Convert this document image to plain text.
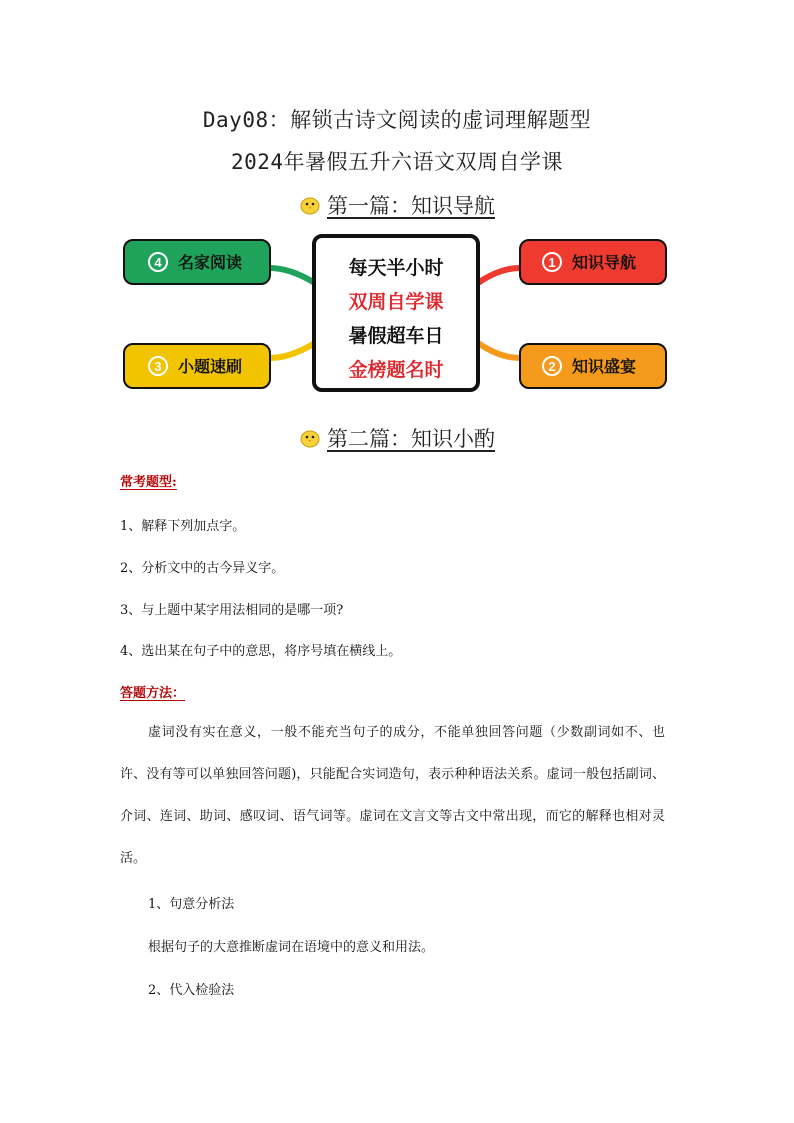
Day08：解锁古诗文阅读的虚词理解题型
2024年暑假五升六语文双周自学课
第一篇：知识导航
4 名家阅读
3 小题速刷
1 知识导航
2 知识盛宴
每天半小时
双周自学课
暑假超车日
金榜题名时
第二篇：知识小酌
常考题型:
1、解释下列加点字。
2、分析文中的古今异义字。
3、与上题中某字用法相同的是哪一项?
4、选出某在句子中的意思，将序号填在横线上。
答题方法：
虚词没有实在意义，一般不能充当句子的成分，不能单独回答问题（少数副词如不、也许、没有等可以单独回答问题)，只能配合实词造句，表示种种语法关系。虚词一般包括副词、介词、连词、助词、感叹词、语气词等。虚词在文言文等古文中常出现，而它的解释也相对灵活。
1、句意分析法
根据句子的大意推断虚词在语境中的意义和用法。
2、代入检验法
